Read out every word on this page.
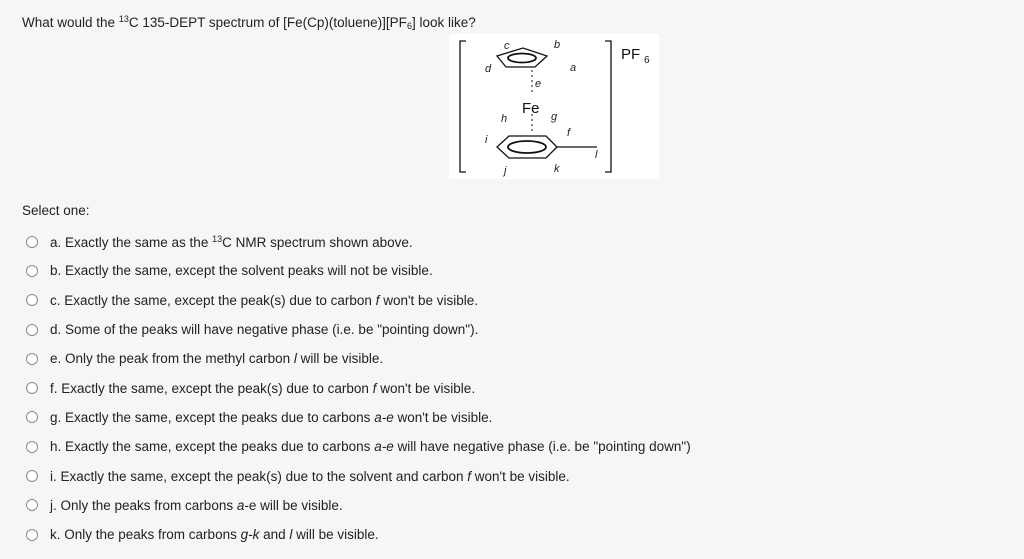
What would the $^{13}$C 135-DEPT spectrum of $[Fe(Cp)(toluene)][PF_6]$ look like?
c	b
d	a
e
Fe
h	g
f
i
l
j	k
PF 6
Select one:
a. Exactly the same as the $^{13}$C NMR spectrum shown above.
b. Exactly the same, except the solvent peaks will not be visible.
c. Exactly the same, except the peak(s) due to carbon f won't be visible.
d. Some of the peaks will have negative phase (i.e. be "pointing down").
e. Only the peak from the methyl carbon l will be visible.
f. Exactly the same, except the peak(s) due to carbon f won't be visible.
g. Exactly the same, except the peaks due to carbons a-e won't be visible.
h. Exactly the same, except the peaks due to carbons a-e will have negative phase (i.e. be "pointing down")
i. Exactly the same, except the peak(s) due to the solvent and carbon f won't be visible.
j. Only the peaks from carbons a-e will be visible.
k. Only the peaks from carbons g-k and l will be visible.
